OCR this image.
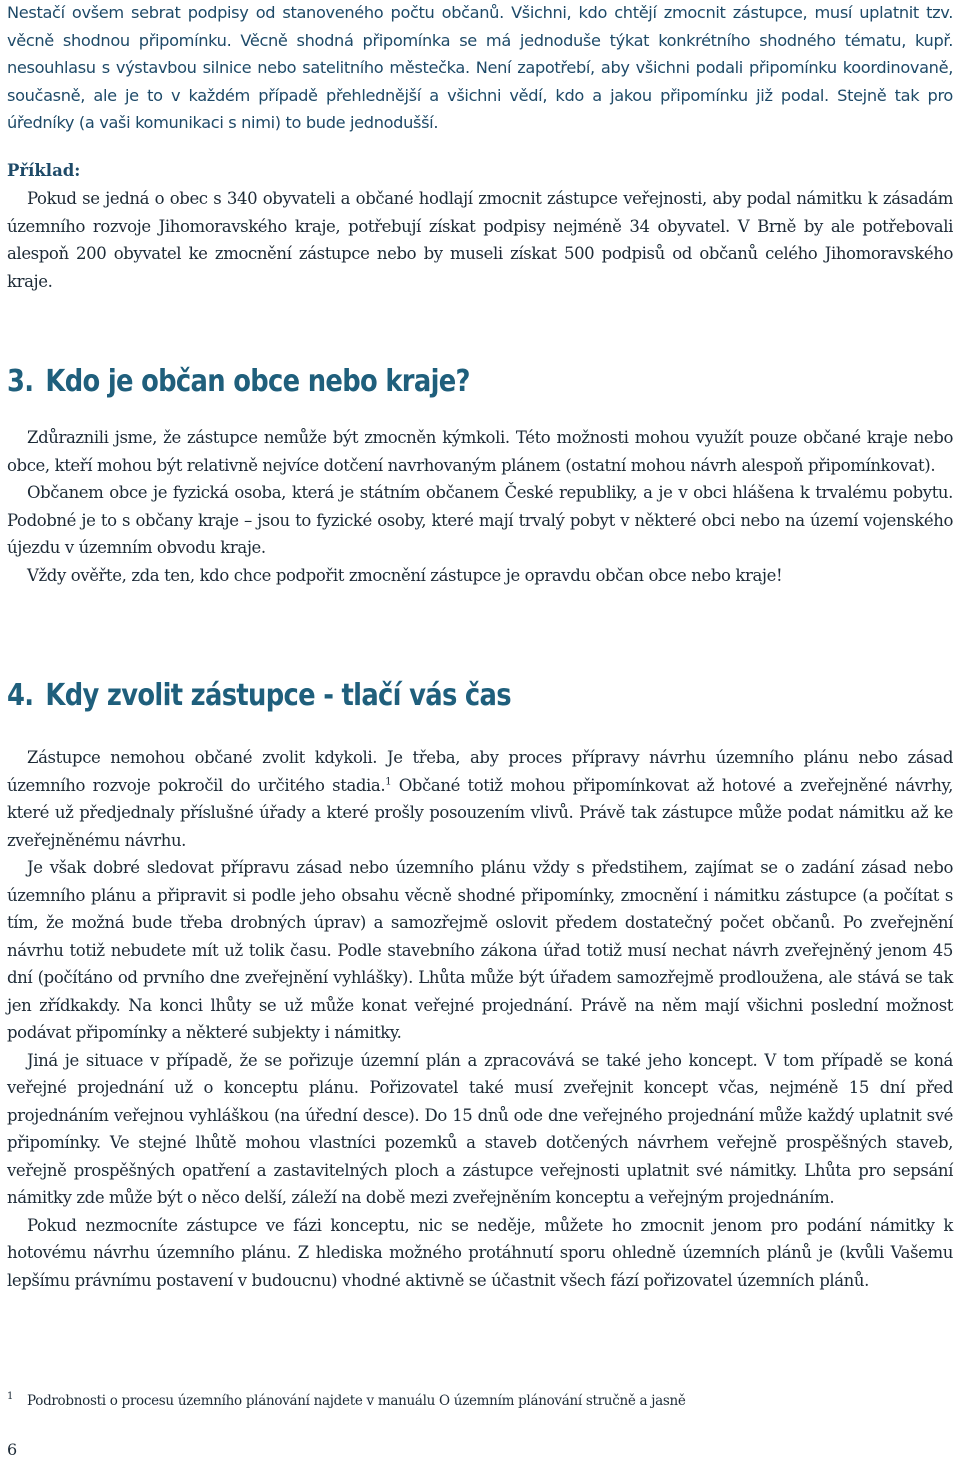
Nestačí ovšem sebrat podpisy od stanoveného počtu občanů. Všichni, kdo chtějí zmocnit zástupce, musí uplatnit tzv. věcně shodnou připomínku. Věcně shodná připomínka se má jednoduše týkat konkrétního shodného tématu, kupř. nesouhlasu s výstavbou silnice nebo satelitního městečka. Není zapotřebí, aby všichni podali připomínku koordinovaně, současně, ale je to v každém případě přehlednější a všichni vědí, kdo a jakou připomínku již podal. Stejně tak pro úředníky (a vaši komunikaci s nimi) to bude jednodušší.

Příklad:

Pokud se jedná o obec s 340 obyvateli a občané hodlají zmocnit zástupce veřejnosti, aby podal námitku k zásadám územního rozvoje Jihomoravského kraje, potřebují získat podpisy nejméně 34 obyvatel. V Brně by ale potřebovali alespoň 200 obyvatel ke zmocnění zástupce nebo by museli získat 500 podpisů od občanů celého Jihomoravského kraje.

3. Kdo je občan obce nebo kraje?

Zdůraznili jsme, že zástupce nemůže být zmocněn kýmkoli. Této možnosti mohou využít pouze občané kraje nebo obce, kteří mohou být relativně nejvíce dotčení navrhovaným plánem (ostatní mohou návrh alespoň připomínkovat).

Občanem obce je fyzická osoba, která je státním občanem České republiky, a je v obci hlášena k trvalému pobytu. Podobné je to s občany kraje – jsou to fyzické osoby, které mají trvalý pobyt v některé obci nebo na území vojenského újezdu v územním obvodu kraje.

Vždy ověřte, zda ten, kdo chce podpořit zmocnění zástupce je opravdu občan obce nebo kraje!

4. Kdy zvolit zástupce - tlačí vás čas

Zástupce nemohou občané zvolit kdykoli. Je třeba, aby proces přípravy návrhu územního plánu nebo zásad územního rozvoje pokročil do určitého stadia.$^1$ Občané totiž mohou připomínkovat až hotové a zveřejněné návrhy, které už předjednaly příslušné úřady a které prošly posouzením vlivů. Právě tak zástupce může podat námitku až ke zveřejněnému návrhu.

Je však dobré sledovat přípravu zásad nebo územního plánu vždy s předstihem, zajímat se o zadání zásad nebo územního plánu a připravit si podle jeho obsahu věcně shodné připomínky, zmocnění i námitku zástupce (a počítat s tím, že možná bude třeba drobných úprav) a samozřejmě oslovit předem dostatečný počet občanů. Po zveřejnění návrhu totiž nebudete mít už tolik času. Podle stavebního zákona úřad totiž musí nechat návrh zveřejněný jenom 45 dní (počítáno od prvního dne zveřejnění vyhlášky). Lhůta může být úřadem samozřejmě prodloužena, ale stává se tak jen zřídkakdy. Na konci lhůty se už může konat veřejné projednání. Právě na něm mají všichni poslední možnost podávat připomínky a některé subjekty i námitky.

Jiná je situace v případě, že se pořizuje územní plán a zpracovává se také jeho koncept. V tom případě se koná veřejné projednání už o konceptu plánu. Pořizovatel také musí zveřejnit koncept včas, nejméně 15 dní před projednáním veřejnou vyhláškou (na úřední desce). Do 15 dnů ode dne veřejného projednání může každý uplatnit své připomínky. Ve stejné lhůtě mohou vlastníci pozemků a staveb dotčených návrhem veřejně prospěšných staveb, veřejně prospěšných opatření a zastavitelných ploch a zástupce veřejnosti uplatnit své námitky. Lhůta pro sepsání námitky zde může být o něco delší, záleží na době mezi zveřejněním konceptu a veřejným projednáním.

Pokud nezmocníte zástupce ve fázi konceptu, nic se neděje, můžete ho zmocnit jenom pro podání námitky k hotovému návrhu územního plánu. Z hlediska možného protáhnutí sporu ohledně územních plánů je (kvůli Vašemu lepšímu právnímu postavení v budoucnu) vhodné aktivně se účastnit všech fází pořizovatel územních plánů.

1 Podrobnosti o procesu územního plánování najdete v manuálu O územním plánování stručně a jasně

6
